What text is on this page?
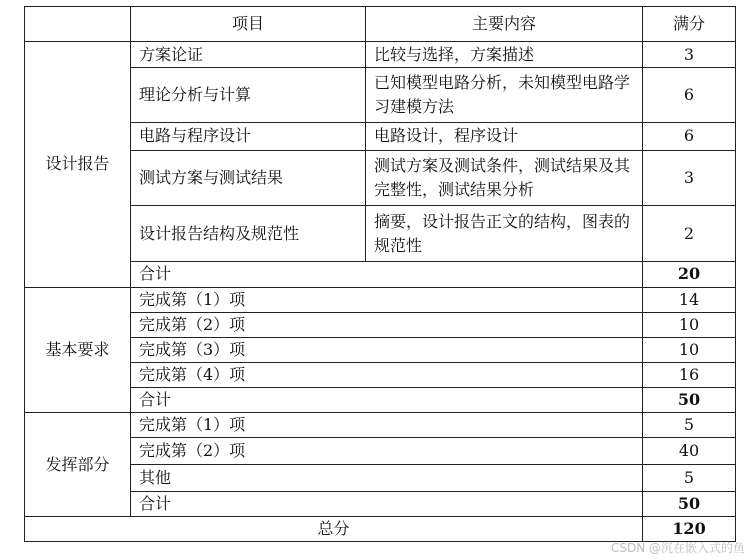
	项目	主要内容	满分
设计报告	方案论证	比较与选择，方案描述	3
	理论分析与计算	已知模型电路分析，未知模型电路学习建模方法	6
	电路与程序设计	电路设计，程序设计	6
	测试方案与测试结果	测试方案及测试条件，测试结果及其完整性，测试结果分析	3
	设计报告结构及规范性	摘要，设计报告正文的结构，图表的规范性	2
	合计		20
基本要求	完成第（1）项		14
	完成第（2）项		10
	完成第（3）项		10
	完成第（4）项		16
	合计		50
发挥部分	完成第（1）项		5
	完成第（2）项		40
	其他		5
	合计		50
总分			120
CSDN @沉在嵌入式的鱼
